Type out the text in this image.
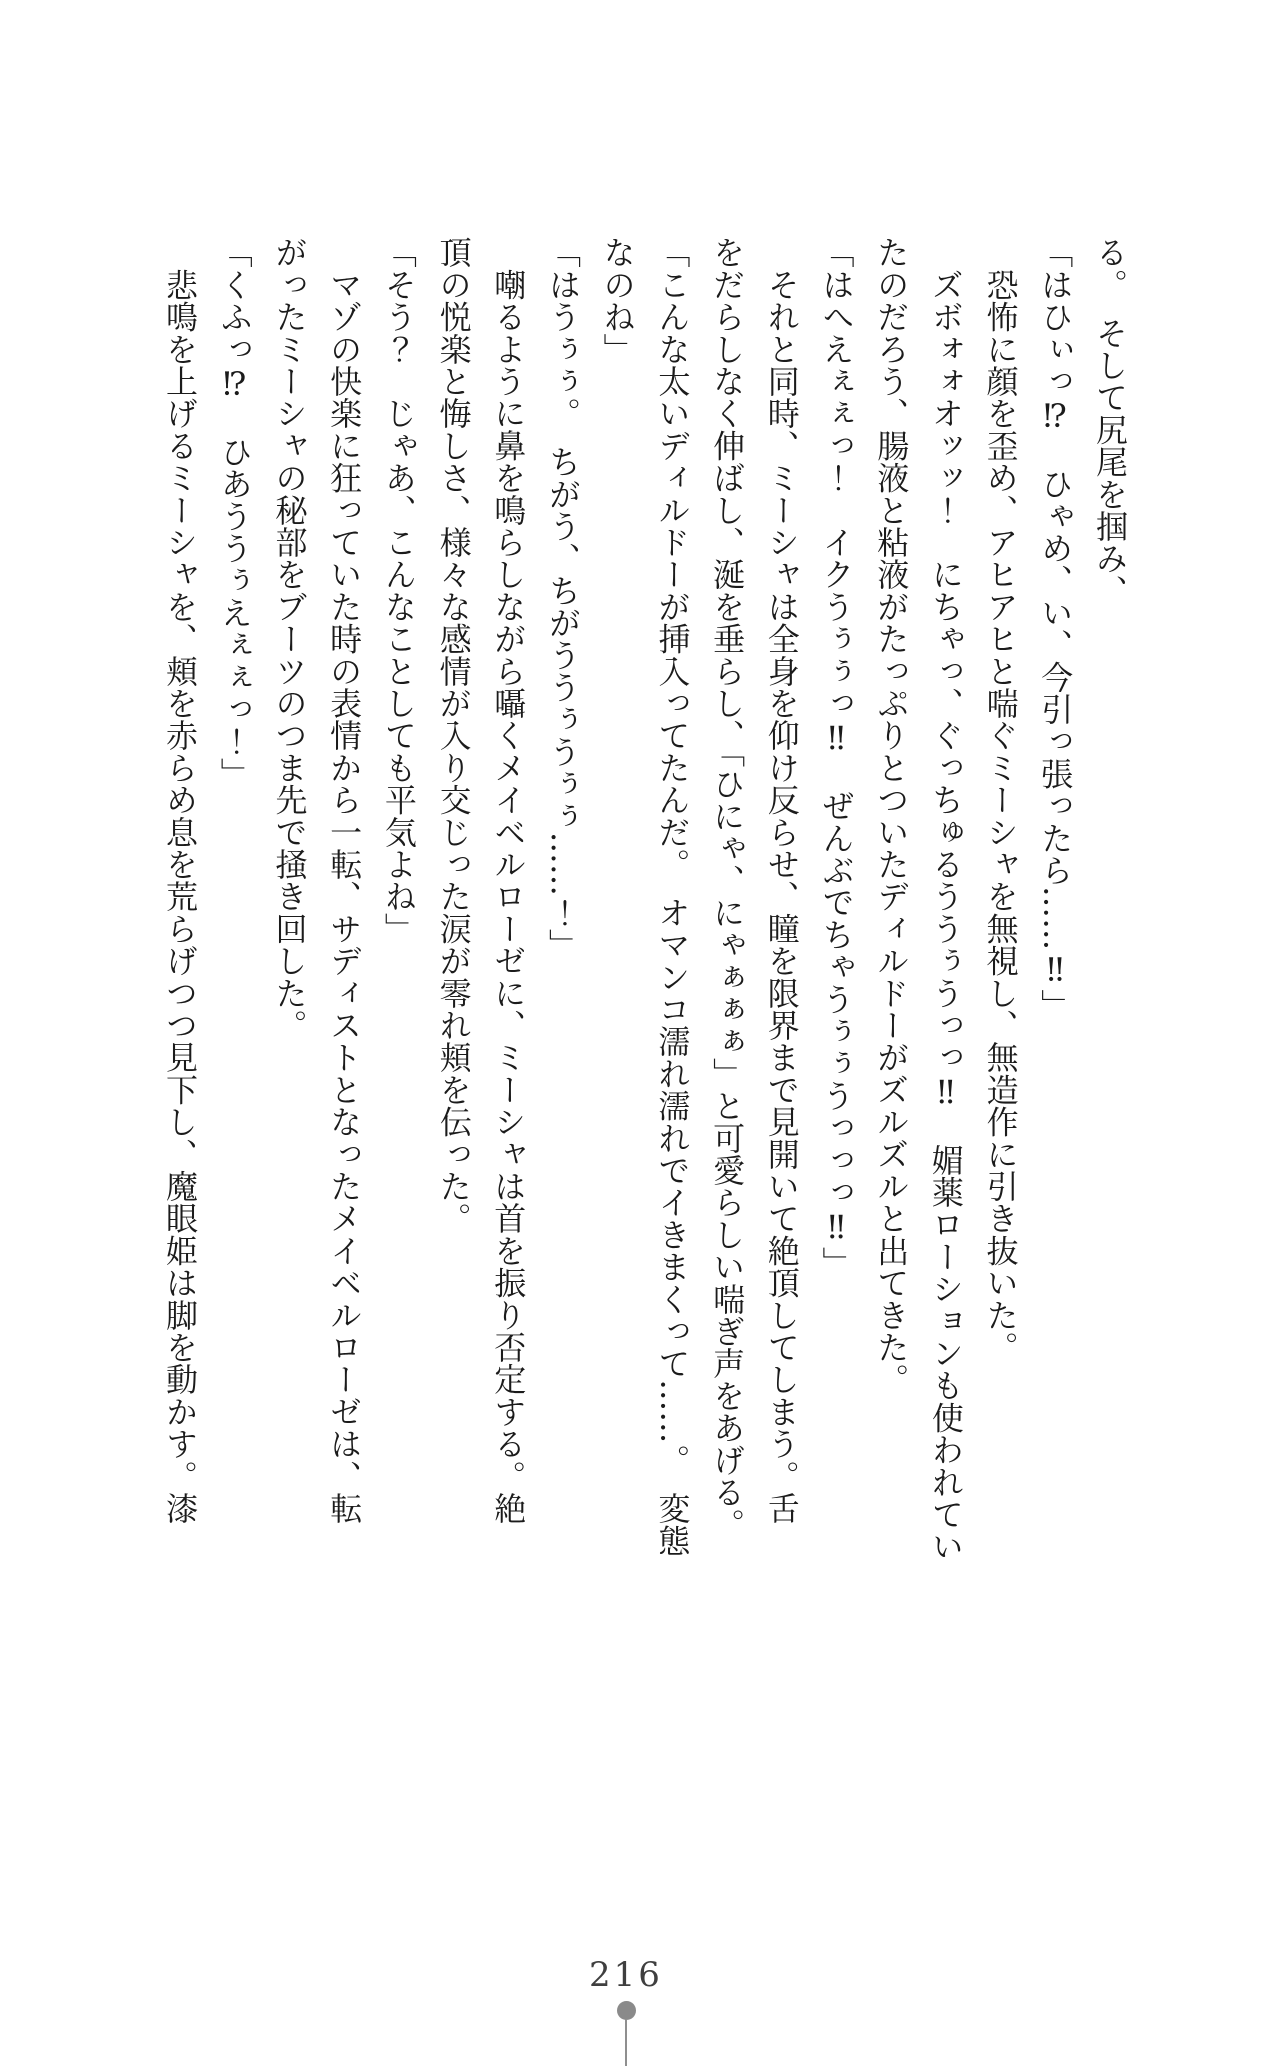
る。　そして尻尾を掴み、

「はひぃっ⁉　ひゃめ、い、今引っ張ったら……‼」

　恐怖に顔を歪め、アヒアヒと喘ぐミーシャを無視し、無造作に引き抜いた。

　ズボォォオッッ！　にちゃっ、ぐっちゅるううぅうっっ‼　媚薬ローションも使われてい

たのだろう、腸液と粘液がたっぷりとついたディルドーがズルズルと出てきた。

「はへえぇぇっ！　イクうぅぅっ‼　ぜんぶでちゃうぅぅうっっっ‼」

　それと同時、ミーシャは全身を仰け反らせ、瞳を限界まで見開いて絶頂してしまう。舌

をだらしなく伸ばし、涎を垂らし、「ひにゃ、にゃぁぁぁ」と可愛らしい喘ぎ声をあげる。

「こんな太いディルドーが挿入ってたんだ。　オマンコ濡れ濡れでイきまくって……。　変態

なのね」

「はうぅぅ。　ちがう、ちがううぅうぅぅ……！」

　嘲るように鼻を鳴らしながら囁くメイベルローゼに、ミーシャは首を振り否定する。絶

頂の悦楽と悔しさ、様々な感情が入り交じった涙が零れ頬を伝った。

「そう？　じゃあ、こんなことしても平気よね」

　マゾの快楽に狂っていた時の表情から一転、サディストとなったメイベルローゼは、転

がったミーシャの秘部をブーツのつま先で掻き回した。

「くふっ⁉　ひあううぅえぇぇっ！」

　悲鳴を上げるミーシャを、頬を赤らめ息を荒らげつつ見下し、魔眼姫は脚を動かす。漆

216
